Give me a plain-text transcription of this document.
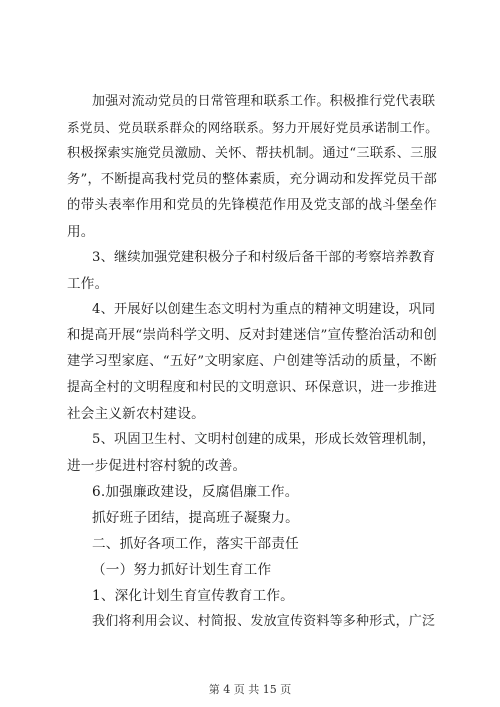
加强对流动党员的日常管理和联系工作。积极推行党代表联
系党员、党员联系群众的网络联系。努力开展好党员承诺制工作。
积极探索实施党员激励、关怀、帮扶机制。通过“三联系、三服
务”，不断提高我村党员的整体素质，充分调动和发挥党员干部
的带头表率作用和党员的先锋模范作用及党支部的战斗堡垒作
用。
3、继续加强党建积极分子和村级后备干部的考察培养教育
工作。
4、开展好以创建生态文明村为重点的精神文明建设，巩同
和提高开展“崇尚科学文明、反对封建迷信”宣传整治活动和创
建学习型家庭、“五好”文明家庭、户创建等活动的质量，不断
提高全村的文明程度和村民的文明意识、环保意识，进一步推进
社会主义新农村建设。
5、巩固卫生村、文明村创建的成果，形成长效管理机制，
进一步促进村容村貌的改善。
6.加强廉政建设，反腐倡廉工作。
抓好班子团结，提高班子凝聚力。
二、抓好各项工作，落实干部责任
（一）努力抓好计划生育工作
1、深化计划生育宣传教育工作。
我们将利用会议、村简报、发放宣传资料等多种形式，广泛
第 4 页 共 15 页
